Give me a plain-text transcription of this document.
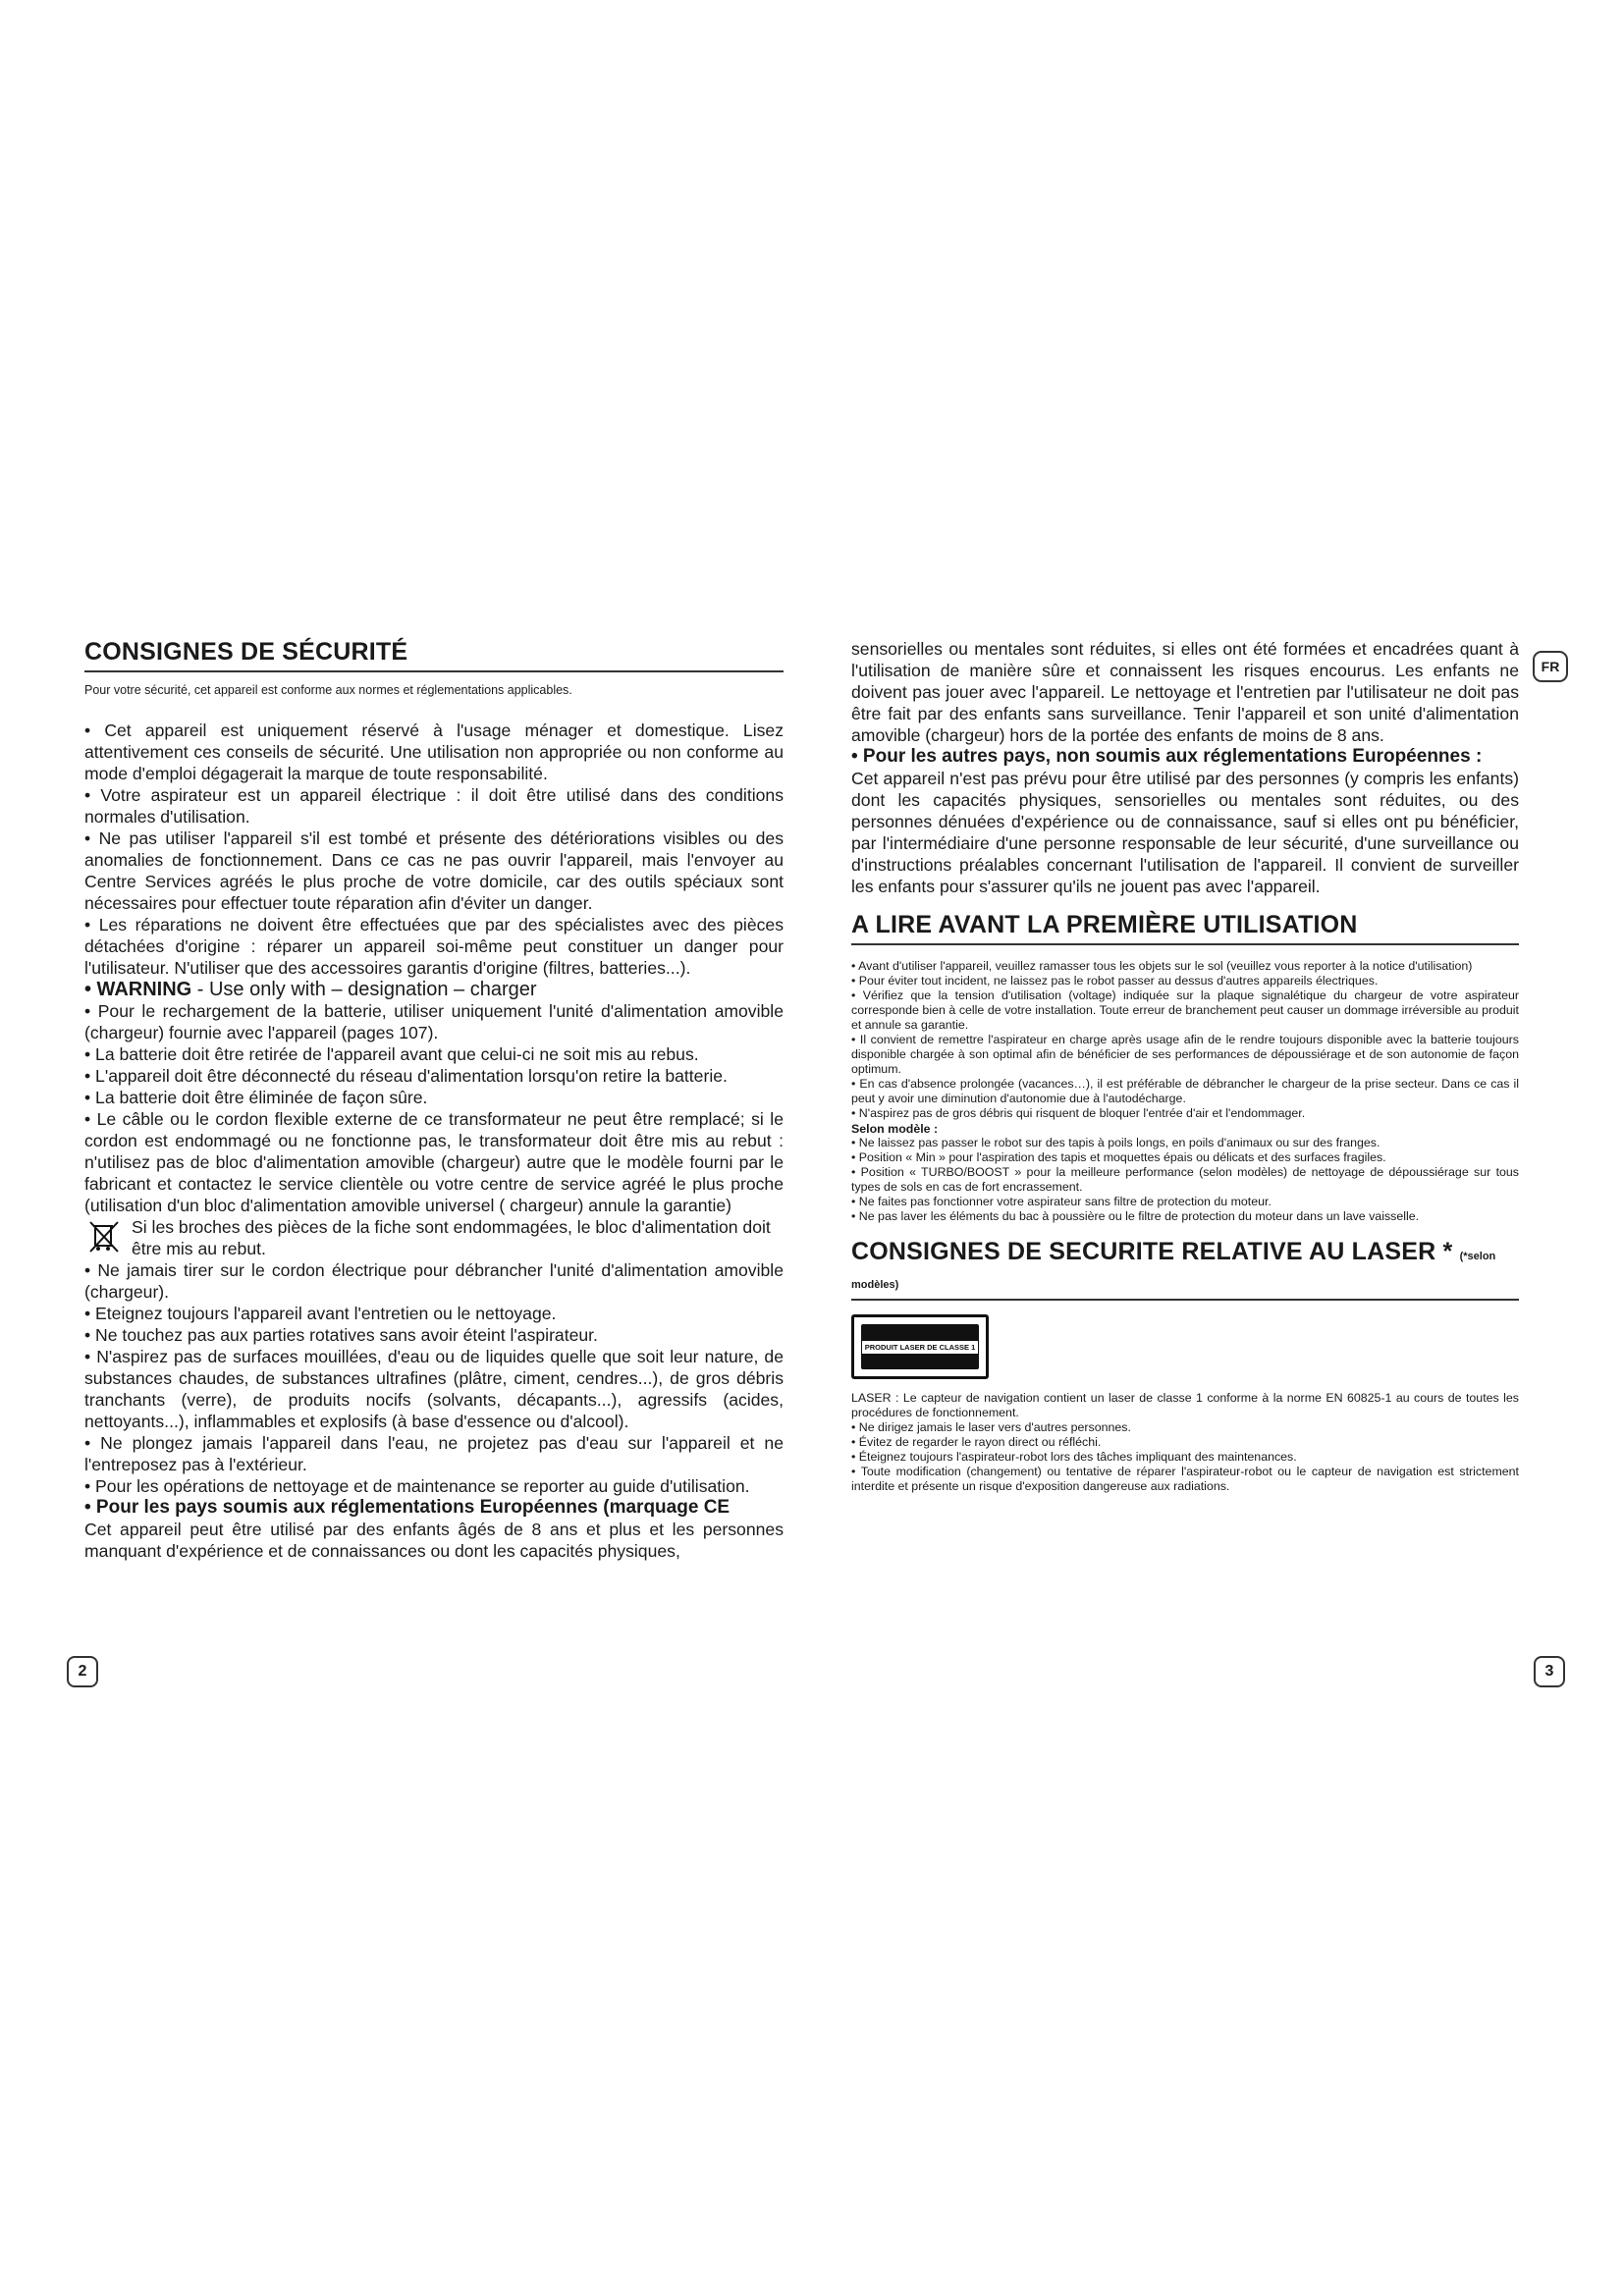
CONSIGNES DE SÉCURITÉ

Pour votre sécurité, cet appareil est conforme aux normes et réglementations applicables.

• Cet appareil est uniquement réservé à l'usage ménager et domestique. Lisez attentivement ces conseils de sécurité. Une utilisation non appropriée ou non conforme au mode d'emploi dégagerait la marque de toute responsabilité.

• Votre aspirateur est un appareil électrique : il doit être utilisé dans des conditions normales d'utilisation.

• Ne pas utiliser l'appareil s'il est tombé et présente des détériorations visibles ou des anomalies de fonctionnement. Dans ce cas ne pas ouvrir l'appareil, mais l'envoyer au Centre Services agréés le plus proche de votre domicile, car des outils spéciaux sont nécessaires pour effectuer toute réparation afin d'éviter un danger.

• Les réparations ne doivent être effectuées que par des spécialistes avec des pièces détachées d'origine : réparer un appareil soi-même peut constituer un danger pour l'utilisateur. N'utiliser que des accessoires garantis d'origine (filtres, batteries...).

• WARNING - Use only with – designation – charger

• Pour le rechargement de la batterie, utiliser uniquement l'unité d'alimentation amovible (chargeur) fournie avec l'appareil (pages 107).

• La batterie doit être retirée de l'appareil avant que celui-ci ne soit mis au rebus.

• L'appareil doit être déconnecté du réseau d'alimentation lorsqu'on retire la batterie.

• La batterie doit être éliminée de façon sûre.

• Le câble ou le cordon flexible externe de ce transformateur ne peut être remplacé; si le cordon est endommagé ou ne fonctionne pas, le transformateur doit être mis au rebut : n'utilisez pas de bloc d'alimentation amovible (chargeur) autre que le modèle fourni par le fabricant et contactez le service clientèle ou votre centre de service agréé le plus proche (utilisation d'un bloc d'alimentation amovible universel ( chargeur) annule la garantie)

Si les broches des pièces de la fiche sont endommagées, le bloc d'alimentation doit être mis au rebut.

• Ne jamais tirer sur le cordon électrique pour débrancher l'unité d'alimentation amovible (chargeur).

• Eteignez toujours l'appareil avant l'entretien ou le nettoyage.

• Ne touchez pas aux parties rotatives sans avoir éteint l'aspirateur.

• N'aspirez pas de surfaces mouillées, d'eau ou de liquides quelle que soit leur nature, de substances chaudes, de substances ultrafines (plâtre, ciment, cendres...), de gros débris tranchants (verre), de produits nocifs (solvants, décapants...), agressifs (acides, nettoyants...), inflammables et explosifs (à base d'essence ou d'alcool).

• Ne plongez jamais l'appareil dans l'eau, ne projetez pas d'eau sur l'appareil et ne l'entreposez pas à l'extérieur.

• Pour les opérations de nettoyage et de maintenance se reporter au guide d'utilisation.

• Pour les pays soumis aux réglementations Européennes (marquage CE

Cet appareil peut être utilisé par des enfants âgés de 8 ans et plus et les personnes manquant d'expérience et de connaissances ou dont les capacités physiques,

sensorielles ou mentales sont réduites, si elles ont été formées et encadrées quant à l'utilisation de manière sûre et connaissent les risques encourus. Les enfants ne doivent pas jouer avec l'appareil. Le nettoyage et l'entretien par l'utilisateur ne doit pas être fait par des enfants sans surveillance. Tenir l'appareil et son unité d'alimentation amovible (chargeur) hors de la portée des enfants de moins de 8 ans.

• Pour les autres pays, non soumis aux réglementations Européennes :

Cet appareil n'est pas prévu pour être utilisé par des personnes (y compris les enfants) dont les capacités physiques, sensorielles ou mentales sont réduites, ou des personnes dénuées d'expérience ou de connaissance, sauf si elles ont pu bénéficier, par l'intermédiaire d'une personne responsable de leur sécurité, d'une surveillance ou d'instructions préalables concernant l'utilisation de l'appareil. Il convient de surveiller les enfants pour s'assurer qu'ils ne jouent pas avec l'appareil.

A LIRE AVANT LA PREMIÈRE UTILISATION

• Avant d'utiliser l'appareil, veuillez ramasser tous les objets sur le sol (veuillez vous reporter à la notice d'utilisation)

• Pour éviter tout incident, ne laissez pas le robot passer au dessus d'autres appareils électriques.

• Vérifiez que la tension d'utilisation (voltage) indiquée sur la plaque signalétique du chargeur de votre aspirateur corresponde bien à celle de votre installation. Toute erreur de branchement peut causer un dommage irréversible au produit et annule sa garantie.

• Il convient de remettre l'aspirateur en charge après usage afin de le rendre toujours disponible avec la batterie toujours disponible chargée à son optimal afin de bénéficier de ses performances de dépoussiérage et de son autonomie de façon optimum.

• En cas d'absence prolongée (vacances…), il est préférable de débrancher le chargeur de la prise secteur. Dans ce cas il peut y avoir une diminution d'autonomie due à l'autodécharge.

• N'aspirez pas de gros débris qui risquent de bloquer l'entrée d'air et l'endommager.

Selon modèle :

• Ne laissez pas passer le robot sur des tapis à poils longs, en poils d'animaux ou sur des franges.

• Position « Min » pour l'aspiration des tapis et moquettes épais ou délicats et des surfaces fragiles.

• Position « TURBO/BOOST » pour la meilleure performance (selon modèles) de nettoyage de dépoussiérage sur tous types de sols en cas de fort encrassement.

• Ne faites pas fonctionner votre aspirateur sans filtre de protection du moteur.

• Ne pas laver les éléments du bac à poussière ou le filtre de protection du moteur dans un lave vaisselle.

CONSIGNES DE SECURITE RELATIVE AU LASER * (*selon modèles)
PRODUIT LASER DE CLASSE 1

LASER : Le capteur de navigation contient un laser de classe 1 conforme à la norme EN 60825-1 au cours de toutes les procédures de fonctionnement.

• Ne dirigez jamais le laser vers d'autres personnes.

• Évitez de regarder le rayon direct ou réfléchi.

• Éteignez toujours l'aspirateur-robot lors des tâches impliquant des maintenances.

• Toute modification (changement) ou tentative de réparer l'aspirateur-robot ou le capteur de navigation est strictement interdite et présente un risque d'exposition dangereuse aux radiations.

FR
2	3
